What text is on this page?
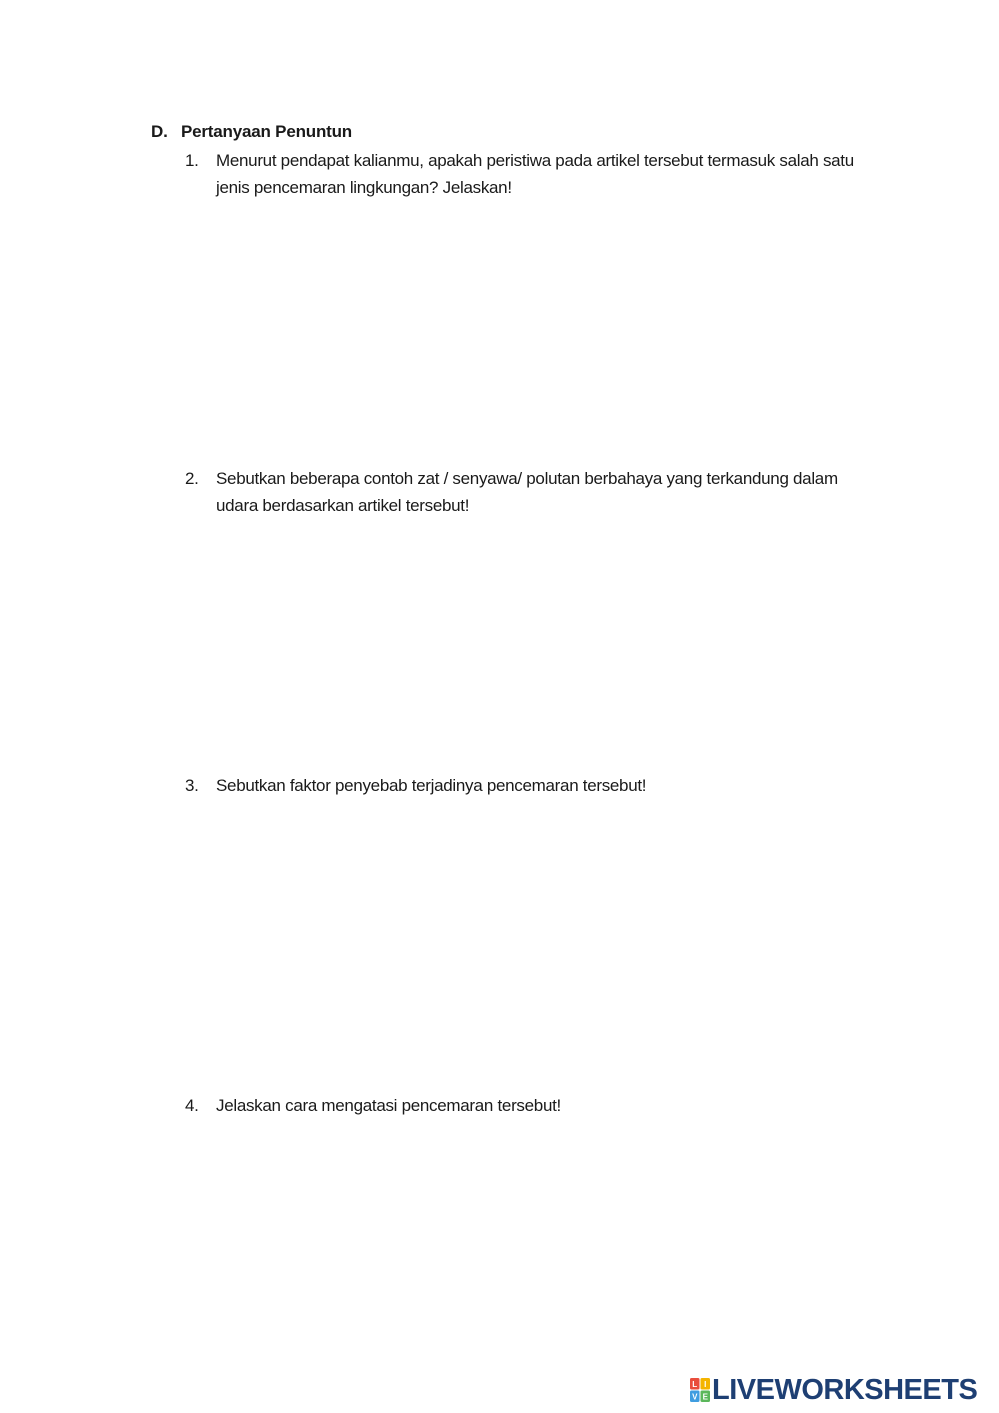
D. Pertanyaan Penuntun
1.	Menurut pendapat kalianmu, apakah peristiwa pada artikel tersebut termasuk salah satu jenis pencemaran lingkungan? Jelaskan!
2.	Sebutkan beberapa contoh zat / senyawa/ polutan berbahaya yang terkandung dalam udara berdasarkan artikel tersebut!
3.	Sebutkan faktor penyebab terjadinya pencemaran tersebut!
4.	Jelaskan cara mengatasi pencemaran tersebut!
L I
V E LIVEWORKSHEETS
